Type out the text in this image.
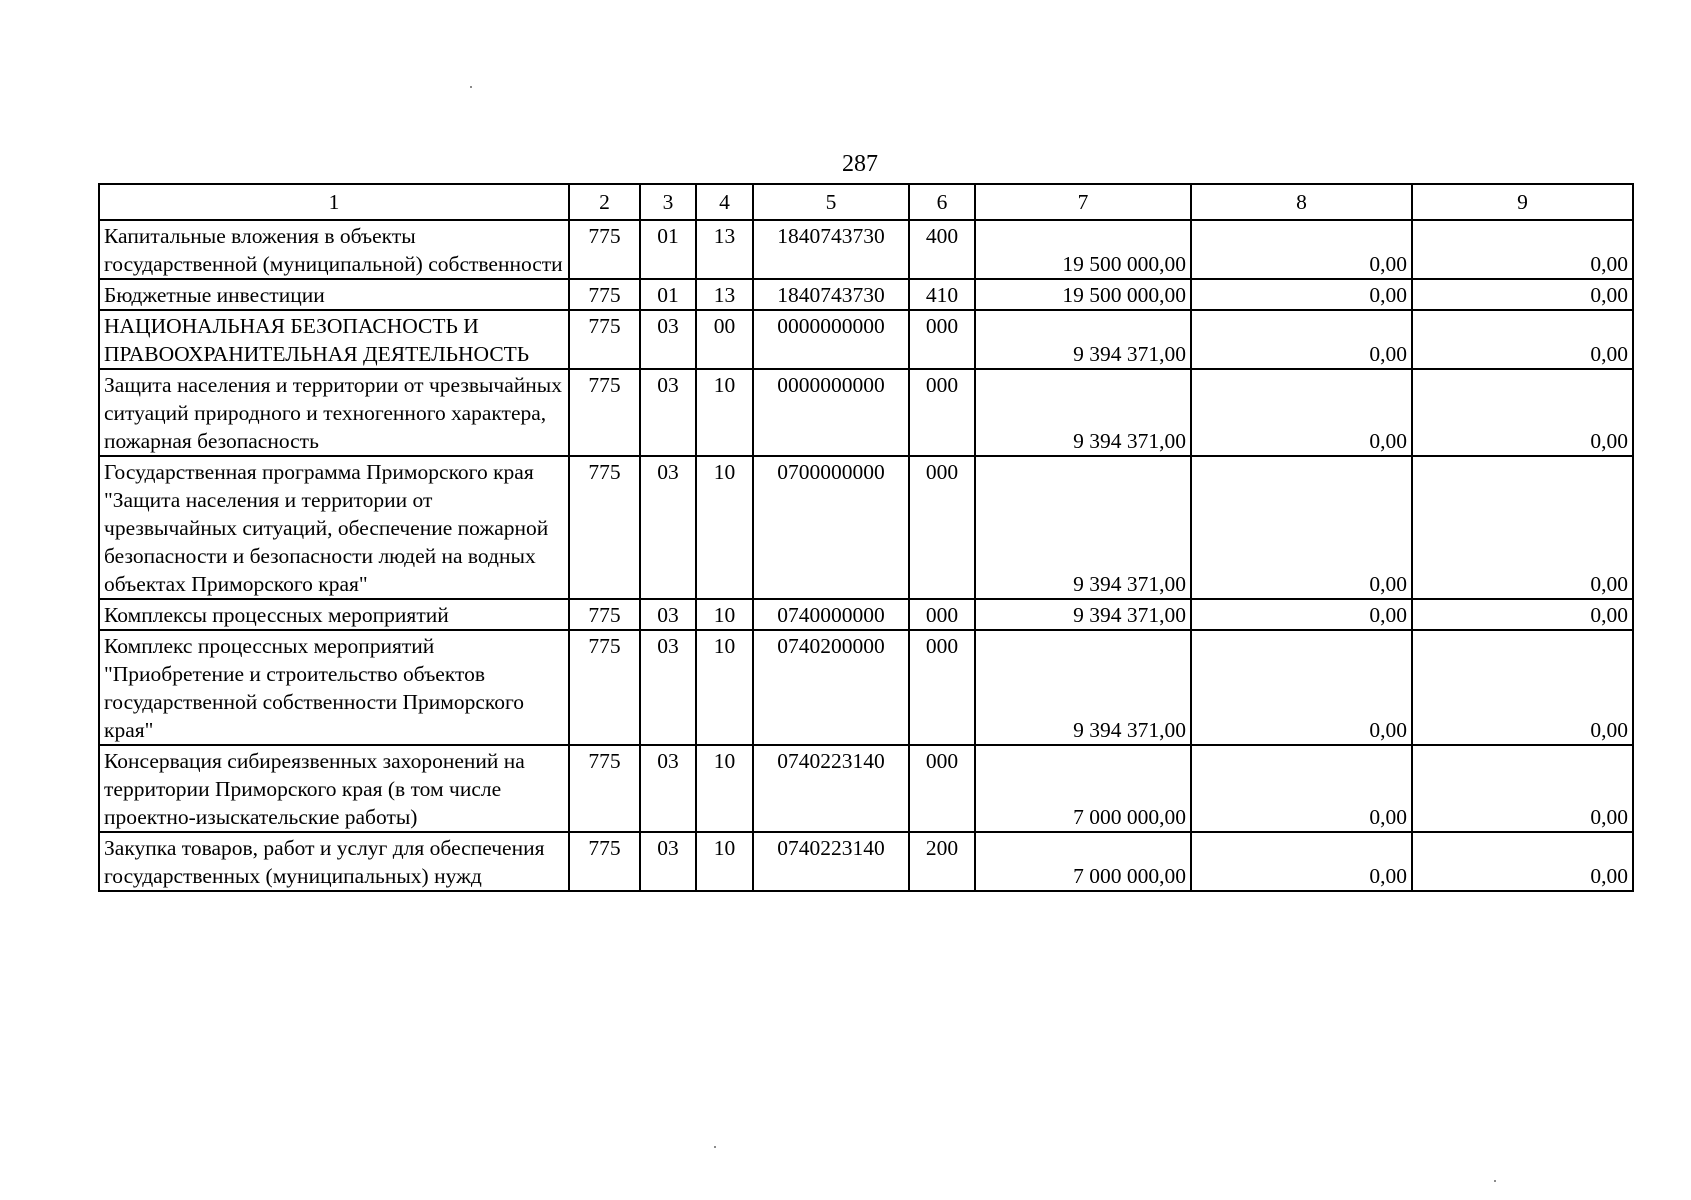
287
1	2	3	4	5	6	7	8	9
Капитальные вложения в объекты государственной (муниципальной) собственности	775	01	13	1840743730	400	19 500 000,00	0,00	0,00
Бюджетные инвестиции	775	01	13	1840743730	410	19 500 000,00	0,00	0,00
НАЦИОНАЛЬНАЯ БЕЗОПАСНОСТЬ И ПРАВООХРАНИТЕЛЬНАЯ ДЕЯТЕЛЬНОСТЬ	775	03	00	0000000000	000	9 394 371,00	0,00	0,00
Защита населения и территории от чрезвычайных ситуаций природного и техногенного характера, пожарная безопасность	775	03	10	0000000000	000	9 394 371,00	0,00	0,00
Государственная программа Приморского края "Защита населения и территории от чрезвычайных ситуаций, обеспечение пожарной безопасности и безопасности людей на водных объектах Приморского края"	775	03	10	0700000000	000	9 394 371,00	0,00	0,00
Комплексы процессных мероприятий	775	03	10	0740000000	000	9 394 371,00	0,00	0,00
Комплекс процессных мероприятий "Приобретение и строительство объектов государственной собственности Приморского края"	775	03	10	0740200000	000	9 394 371,00	0,00	0,00
Консервация сибиреязвенных захоронений на территории Приморского края (в том числе проектно-изыскательские работы)	775	03	10	0740223140	000	7 000 000,00	0,00	0,00
Закупка товаров, работ и услуг для обеспечения государственных (муниципальных) нужд	775	03	10	0740223140	200	7 000 000,00	0,00	0,00
